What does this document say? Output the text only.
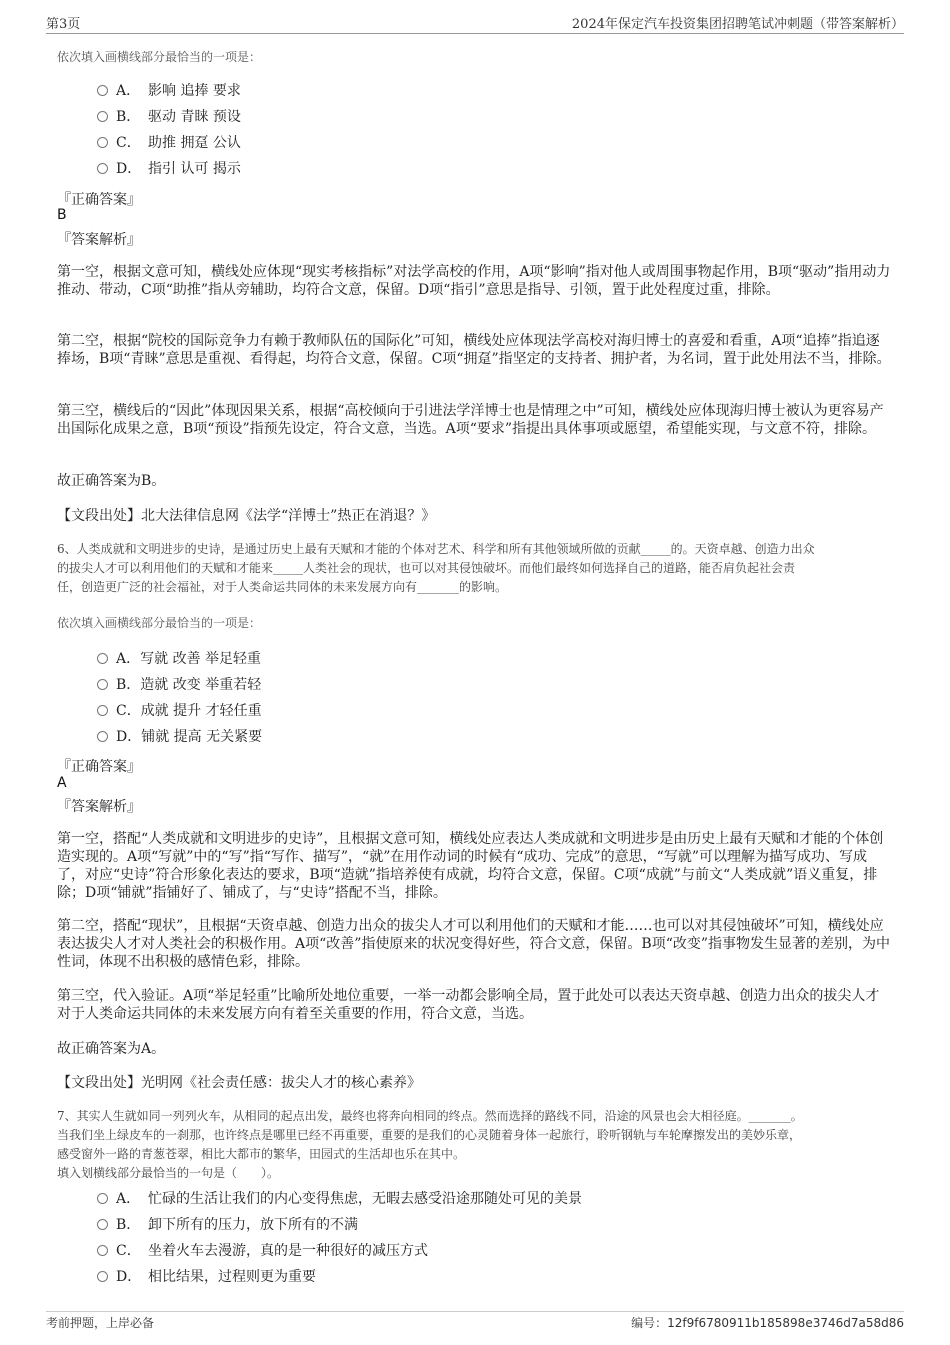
第3页	2024年保定汽车投资集团招聘笔试冲刺题（带答案解析）
依次填入画横线部分最恰当的一项是：
A． 影响 追捧 要求
B． 驱动 青睐 预设
C． 助推 拥趸 公认
D． 指引 认可 揭示
『正确答案』
B
『答案解析』
第一空，根据文意可知，横线处应体现“现实考核指标”对法学高校的作用，A项“影响”指对他人或周围事物起作用，B项“驱动”指用动力推动、带动，C项“助推”指从旁辅助，均符合文意，保留。D项“指引”意思是指导、引领，置于此处程度过重，排除。
第二空，根据“院校的国际竞争力有赖于教师队伍的国际化”可知，横线处应体现法学高校对海归博士的喜爱和看重，A项“追捧”指追逐捧场，B项“青睐”意思是重视、看得起，均符合文意，保留。C项“拥趸”指坚定的支持者、拥护者，为名词，置于此处用法不当，排除。
第三空，横线后的“因此”体现因果关系，根据“高校倾向于引进法学洋博士也是情理之中”可知，横线处应体现海归博士被认为更容易产出国际化成果之意，B项“预设”指预先设定，符合文意，当选。A项“要求”指提出具体事项或愿望，希望能实现，与文意不符，排除。
故正确答案为B。
【文段出处】北大法律信息网《法学“洋博士”热正在消退？》
6、人类成就和文明进步的史诗，是通过历史上最有天赋和才能的个体对艺术、科学和所有其他领域所做的贡献_____的。天资卓越、创造力出众
的拔尖人才可以利用他们的天赋和才能来_____人类社会的现状，也可以对其侵蚀破坏。而他们最终如何选择自己的道路，能否肩负起社会责
任，创造更广泛的社会福祉，对于人类命运共同体的未来发展方向有_______的影响。
依次填入画横线部分最恰当的一项是：
A．写就 改善 举足轻重
B．造就 改变 举重若轻
C．成就 提升 才轻任重
D．铺就 提高 无关紧要
『正确答案』
A
『答案解析』
第一空，搭配“人类成就和文明进步的史诗”，且根据文意可知，横线处应表达人类成就和文明进步是由历史上最有天赋和才能的个体创造实现的。A项“写就”中的“写”指“写作、描写”，“就”在用作动词的时候有“成功、完成”的意思，“写就”可以理解为描写成功、写成了，对应“史诗”符合形象化表达的要求，B项“造就”指培养使有成就，均符合文意，保留。C项“成就”与前文“人类成就”语义重复，排除；D项“铺就”指铺好了、铺成了，与“史诗”搭配不当，排除。
第二空，搭配“现状”，且根据“天资卓越、创造力出众的拔尖人才可以利用他们的天赋和才能……也可以对其侵蚀破坏”可知，横线处应表达拔尖人才对人类社会的积极作用。A项“改善”指使原来的状况变得好些，符合文意，保留。B项“改变”指事物发生显著的差别，为中性词，体现不出积极的感情色彩，排除。
第三空，代入验证。A项“举足轻重”比喻所处地位重要，一举一动都会影响全局，置于此处可以表达天资卓越、创造力出众的拔尖人才对于人类命运共同体的未来发展方向有着至关重要的作用，符合文意，当选。
故正确答案为A。
【文段出处】光明网《社会责任感：拔尖人才的核心素养》
7、其实人生就如同一列列火车，从相同的起点出发，最终也将奔向相同的终点。然而选择的路线不同，沿途的风景也会大相径庭。_______。
当我们坐上绿皮车的一刹那，也许终点是哪里已经不再重要，重要的是我们的心灵随着身体一起旅行，聆听钢轨与车轮摩擦发出的美妙乐章，
感受窗外一路的青葱苍翠，相比大都市的繁华，田园式的生活却也乐在其中。
填入划横线部分最恰当的一句是（　　）。
A． 忙碌的生活让我们的内心变得焦虑，无暇去感受沿途那随处可见的美景
B． 卸下所有的压力，放下所有的不满
C． 坐着火车去漫游，真的是一种很好的减压方式
D． 相比结果，过程则更为重要
考前押题，上岸必备	编号：12f9f6780911b185898e3746d7a58d86
